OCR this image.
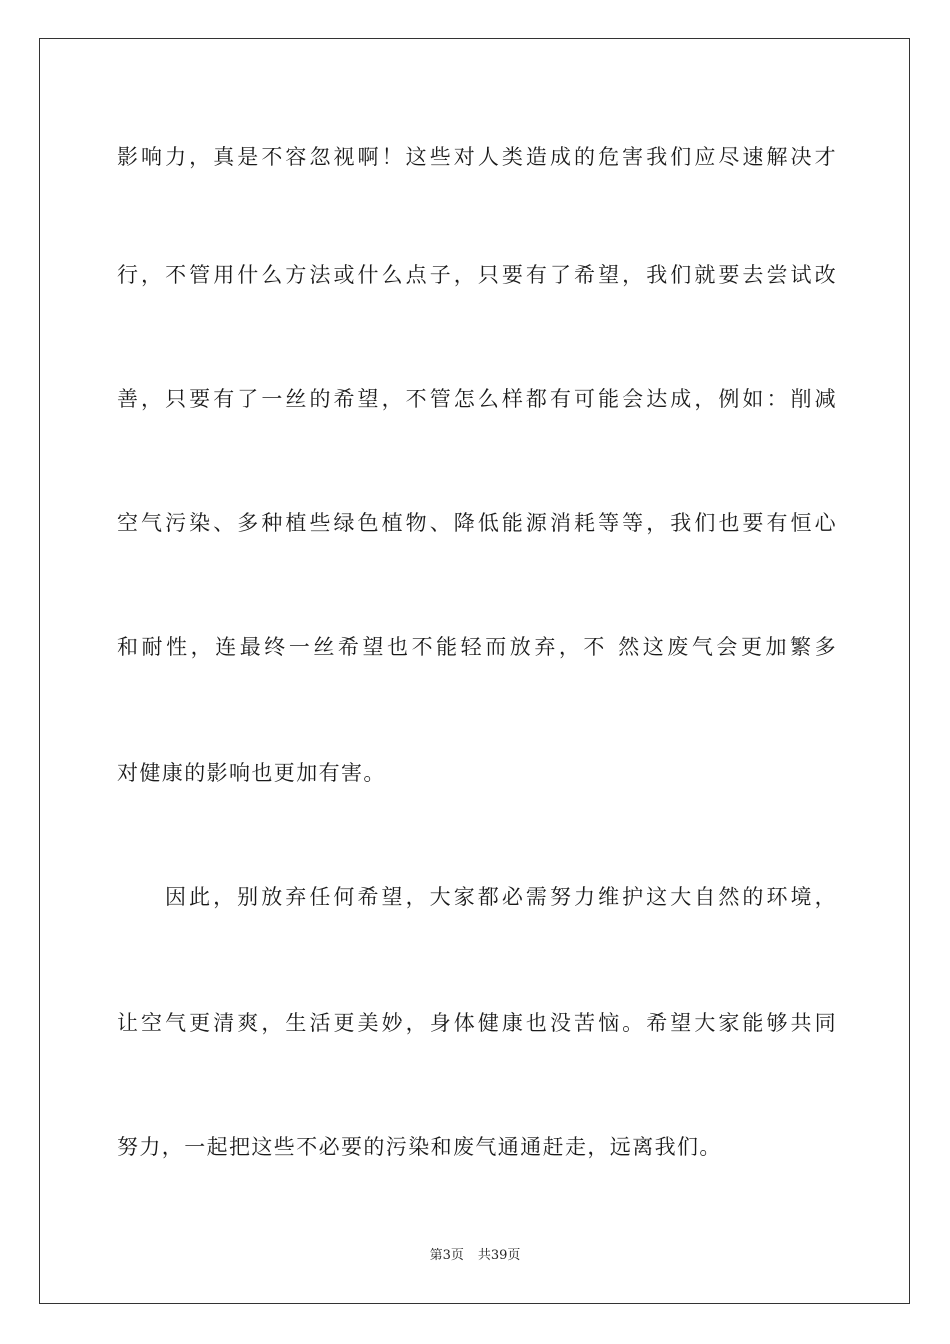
影响力，真是不容忽视啊！这些对人类造成的危害我们应尽速解决才

行，不管用什么方法或什么点子，只要有了希望，我们就要去尝试改

善，只要有了一丝的希望，不管怎么样都有可能会达成，例如：削减

空气污染、多种植些绿色植物、降低能源消耗等等，我们也要有恒心

和耐性，连最终一丝希望也不能轻而放弃，不 然这废气会更加繁多

对健康的影响也更加有害。

因此，别放弃任何希望，大家都必需努力维护这大自然的环境，

让空气更清爽，生活更美妙，身体健康也没苦恼。希望大家能够共同

努力，一起把这些不必要的污染和废气通通赶走，远离我们。

第3页 共39页
